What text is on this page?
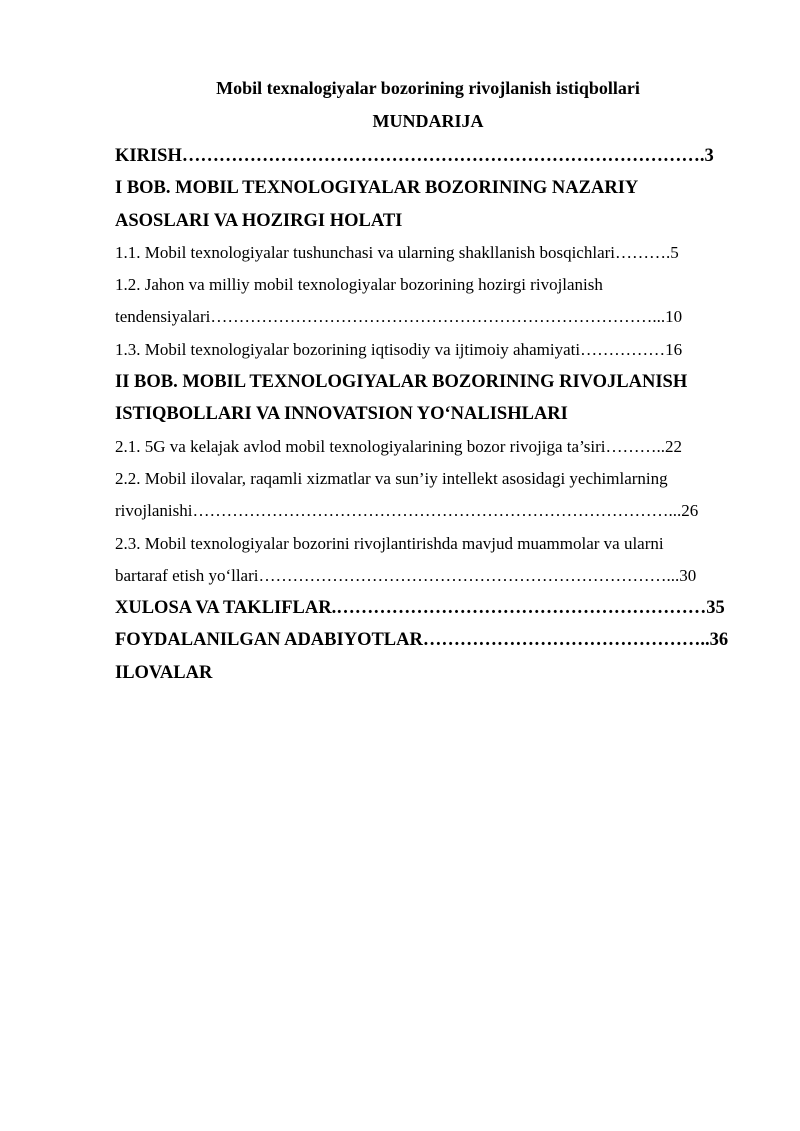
Mobil texnalogiyalar bozorining rivojlanish istiqbollari
MUNDARIJA
KIRISH………………………………………………………………………….3
I BOB. MOBIL TEXNOLOGIYALAR BOZORINING NAZARIY
ASOSLARI VA HOZIRGI HOLATI
1.1. Mobil texnologiyalar tushunchasi va ularning shakllanish bosqichlari……….5
1.2. Jahon va milliy mobil texnologiyalar bozorining hozirgi rivojlanish
tendensiyalari……………………………………………………………………...10
1.3. Mobil texnologiyalar bozorining iqtisodiy va ijtimoiy ahamiyati……………16
II BOB. MOBIL TEXNOLOGIYALAR BOZORINING RIVOJLANISH
ISTIQBOLLARI VA INNOVATSION YO‘NALISHLARI
2.1. 5G va kelajak avlod mobil texnologiyalarining bozor rivojiga ta’siri………..22
2.2. Mobil ilovalar, raqamli xizmatlar va sun’iy intellekt asosidagi yechimlarning
rivojlanishi…………………………………………………………………………...26
2.3. Mobil texnologiyalar bozorini rivojlantirishda mavjud muammolar va ularni
bartaraf etish yo‘llari………………………………………………………………...30
XULOSA VA TAKLIFLAR.……………………………………………………35
FOYDALANILGAN ADABIYOTLAR………………………………………..36
ILOVALAR
